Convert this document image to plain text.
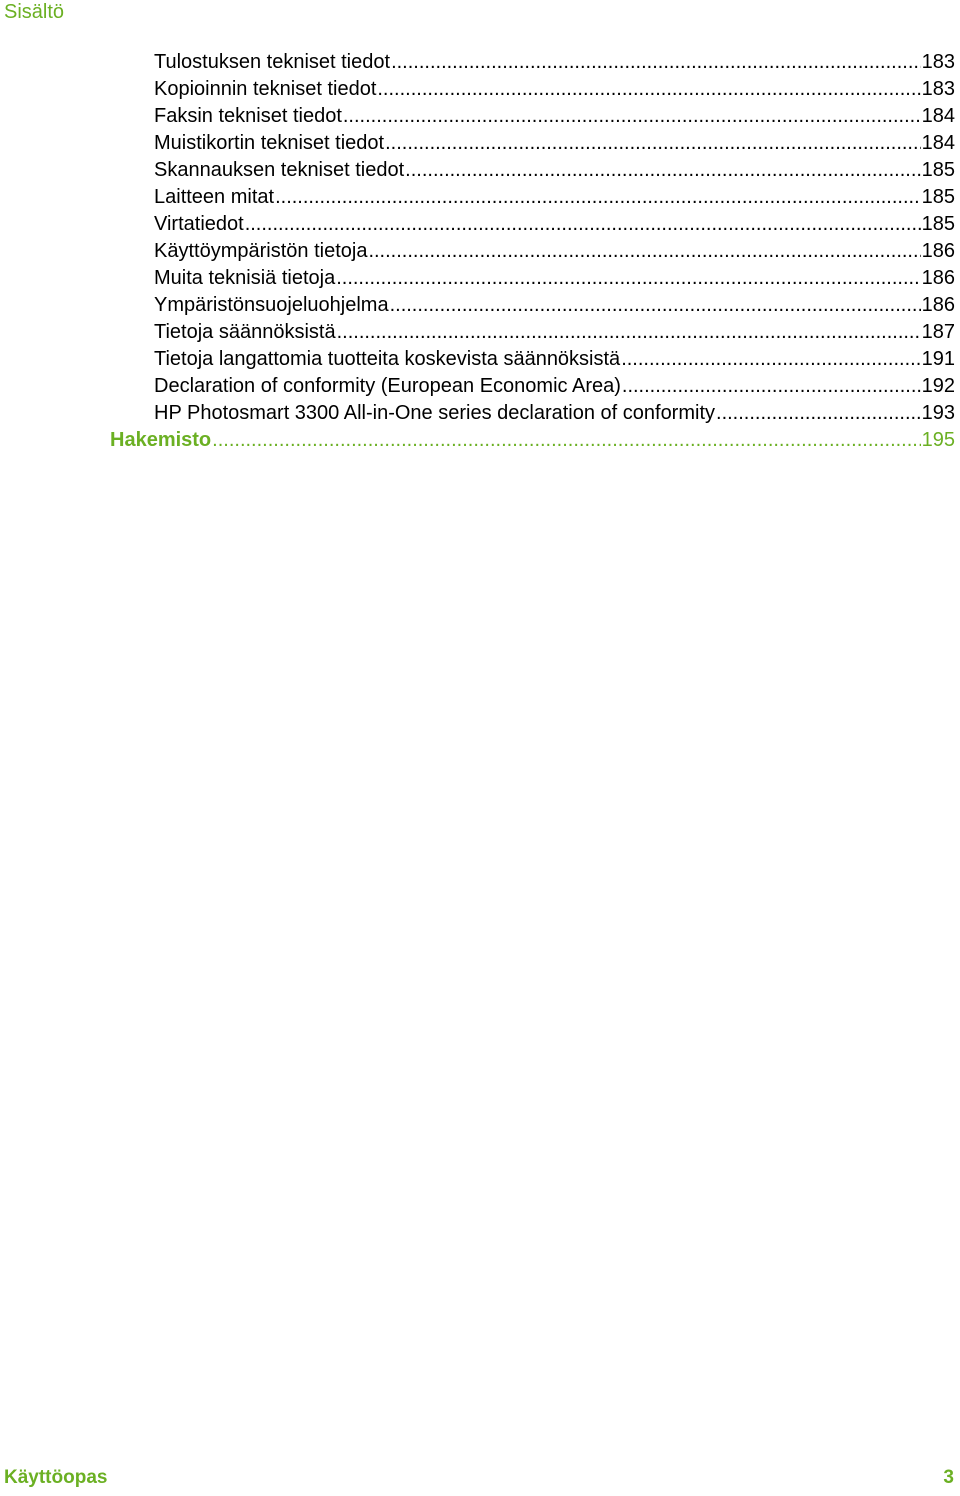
Sisältö
Tulostuksen tekniset tiedot .....	183
Kopioinnin tekniset tiedot .....	183
Faksin tekniset tiedot .....	184
Muistikortin tekniset tiedot .....	184
Skannauksen tekniset tiedot .....	185
Laitteen mitat .....	185
Virtatiedot .....	185
Käyttöympäristön tietoja .....	186
Muita teknisiä tietoja .....	186
Ympäristönsuojeluohjelma .....	186
Tietoja säännöksistä .....	187
Tietoja langattomia tuotteita koskevista säännöksistä .....	191
Declaration of conformity (European Economic Area) .....	192
HP Photosmart 3300 All-in-One series declaration of conformity .....	193
Hakemisto .....	195
Käyttöopas	3
